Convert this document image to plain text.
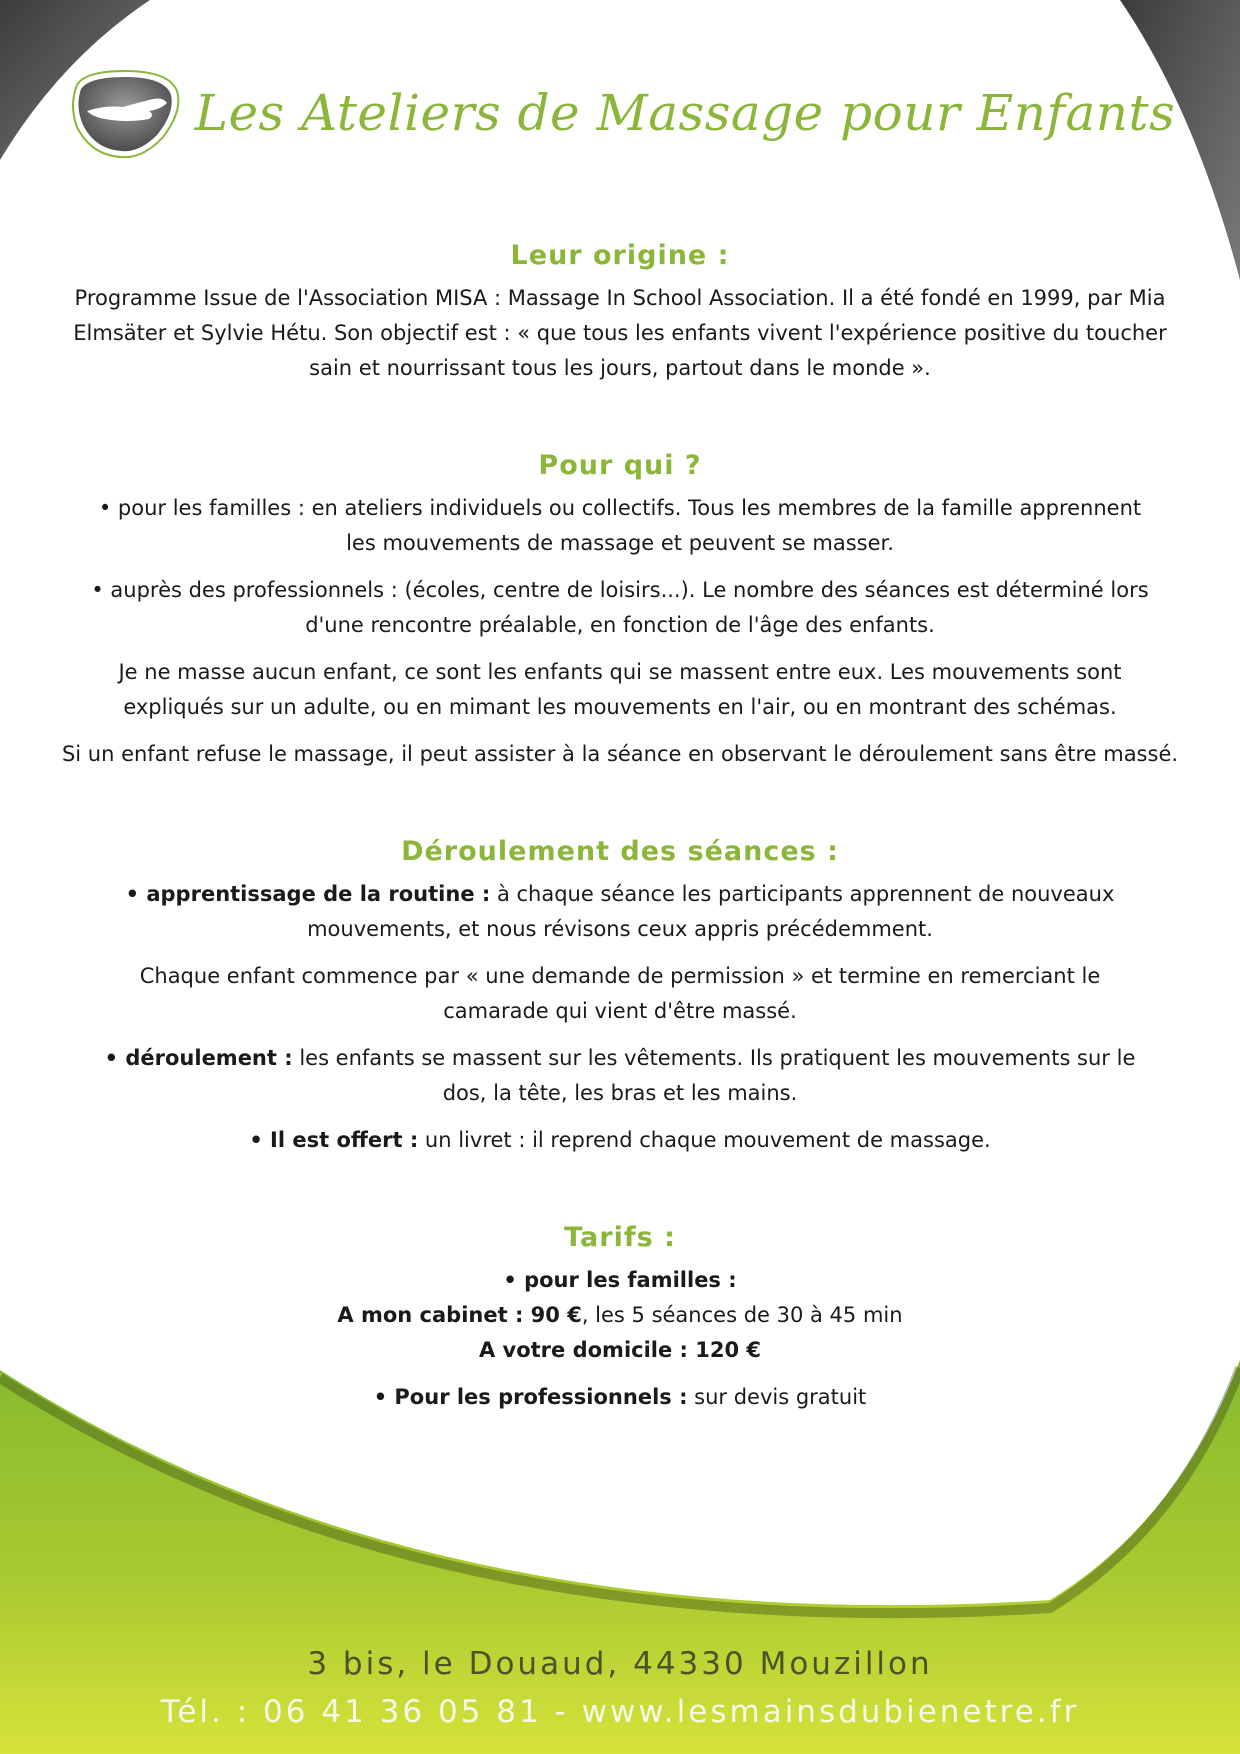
Les Ateliers de Massage pour Enfants
Leur origine :

Programme Issue de l'Association MISA : Massage In School Association. Il a été fondé en 1999, par Mia Elmsäter et Sylvie Hétu. Son objectif est : « que tous les enfants vivent l'expérience positive du toucher sain et nourrissant tous les jours, partout dans le monde ».

Pour qui ?

• pour les familles : en ateliers individuels ou collectifs. Tous les membres de la famille apprennent les mouvements de massage et peuvent se masser.

• auprès des professionnels : (écoles, centre de loisirs...). Le nombre des séances est déterminé lors d'une rencontre préalable, en fonction de l'âge des enfants.

Je ne masse aucun enfant, ce sont les enfants qui se massent entre eux. Les mouvements sont expliqués sur un adulte, ou en mimant les mouvements en l'air, ou en montrant des schémas.

Si un enfant refuse le massage, il peut assister à la séance en observant le déroulement sans être massé.

Déroulement des séances :

• apprentissage de la routine : à chaque séance les participants apprennent de nouveaux mouvements, et nous révisons ceux appris précédemment.

Chaque enfant commence par « une demande de permission » et termine en remerciant le camarade qui vient d'être massé.

• déroulement : les enfants se massent sur les vêtements. Ils pratiquent les mouvements sur le dos, la tête, les bras et les mains.

• Il est offert : un livret : il reprend chaque mouvement de massage.

Tarifs :

• pour les familles :

A mon cabinet : 90 €, les 5 séances de 30 à 45 min

A votre domicile : 120 €

• Pour les professionnels : sur devis gratuit

3 bis, le Douaud, 44330 Mouzillon
Tél. : 06 41 36 05 81 - www.lesmainsdubienetre.fr
